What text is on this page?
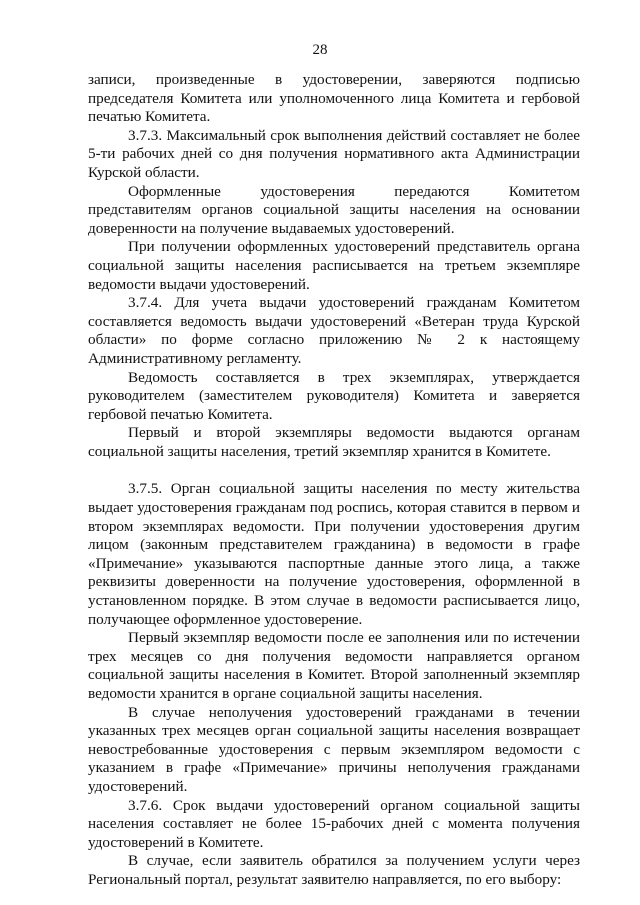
28

записи, произведенные в удостоверении, заверяются подписью председателя Комитета или уполномоченного лица Комитета и гербовой печатью Комитета.

3.7.3. Максимальный срок выполнения действий составляет не более 5-ти рабочих дней со дня получения нормативного акта Администрации Курской области.

Оформленные удостоверения передаются Комитетом представителям органов социальной защиты населения на основании доверенности на получение выдаваемых удостоверений.

При получении оформленных удостоверений представитель органа социальной защиты населения расписывается на третьем экземпляре ведомости выдачи удостоверений.

3.7.4. Для учета выдачи удостоверений гражданам Комитетом составляется ведомость выдачи удостоверений «Ветеран труда Курской области» по форме согласно приложению № 2 к настоящему Административному регламенту.

Ведомость составляется в трех экземплярах, утверждается руководителем (заместителем руководителя) Комитета и заверяется гербовой печатью Комитета.

Первый и второй экземпляры ведомости выдаются органам социальной защиты населения, третий экземпляр хранится в Комитете.

3.7.5. Орган социальной защиты населения по месту жительства выдает удостоверения гражданам под роспись, которая ставится в первом и втором экземплярах ведомости. При получении удостоверения другим лицом (законным представителем гражданина) в ведомости в графе «Примечание» указываются паспортные данные этого лица, а также реквизиты доверенности на получение удостоверения, оформленной в установленном порядке. В этом случае в ведомости расписывается лицо, получающее оформленное удостоверение.

Первый экземпляр ведомости после ее заполнения или по истечении трех месяцев со дня получения ведомости направляется органом социальной защиты населения в Комитет. Второй заполненный экземпляр ведомости хранится в органе социальной защиты населения.

В случае неполучения удостоверений гражданами в течении указанных трех месяцев орган социальной защиты населения возвращает невостребованные удостоверения с первым экземпляром ведомости с указанием в графе «Примечание» причины неполучения гражданами удостоверений.

3.7.6. Срок выдачи удостоверений органом социальной защиты населения составляет не более 15-рабочих дней с момента получения удостоверений в Комитете.

В случае, если заявитель обратился за получением услуги через Региональный портал, результат заявителю направляется, по его выбору:
